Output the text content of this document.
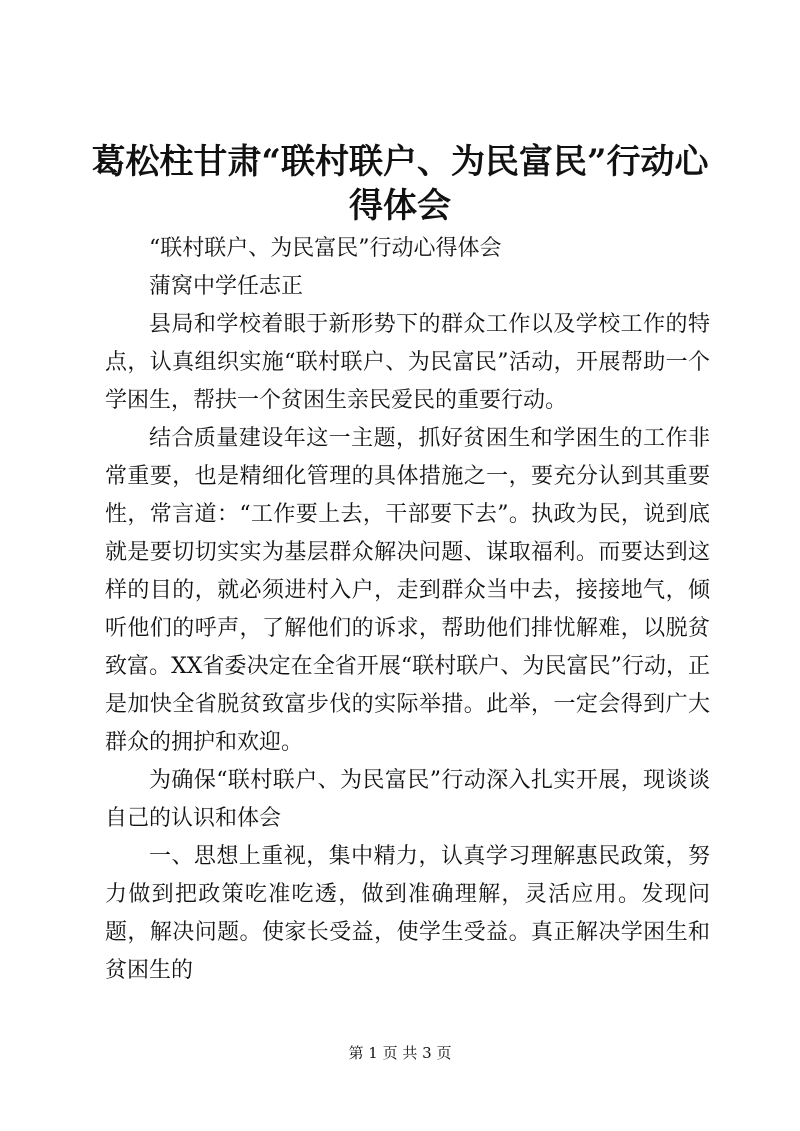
葛松柱甘肃“联村联户、为民富民”行动心得体会

“联村联户、为民富民”行动心得体会

蒲窝中学任志正

县局和学校着眼于新形势下的群众工作以及学校工作的特点，认真组织实施“联村联户、为民富民”活动，开展帮助一个学困生，帮扶一个贫困生亲民爱民的重要行动。

结合质量建设年这一主题，抓好贫困生和学困生的工作非常重要，也是精细化管理的具体措施之一，要充分认到其重要性，常言道：“工作要上去，干部要下去”。执政为民，说到底就是要切切实实为基层群众解决问题、谋取福利。而要达到这样的目的，就必须进村入户，走到群众当中去，接接地气，倾听他们的呼声，了解他们的诉求，帮助他们排忧解难，以脱贫致富。XX省委决定在全省开展“联村联户、为民富民”行动，正是加快全省脱贫致富步伐的实际举措。此举，一定会得到广大群众的拥护和欢迎。

为确保“联村联户、为民富民”行动深入扎实开展，现谈谈自己的认识和体会

一、思想上重视，集中精力，认真学习理解惠民政策，努力做到把政策吃准吃透，做到准确理解，灵活应用。发现问题，解决问题。使家长受益，使学生受益。真正解决学困生和贫困生的

第 1 页 共 3 页
